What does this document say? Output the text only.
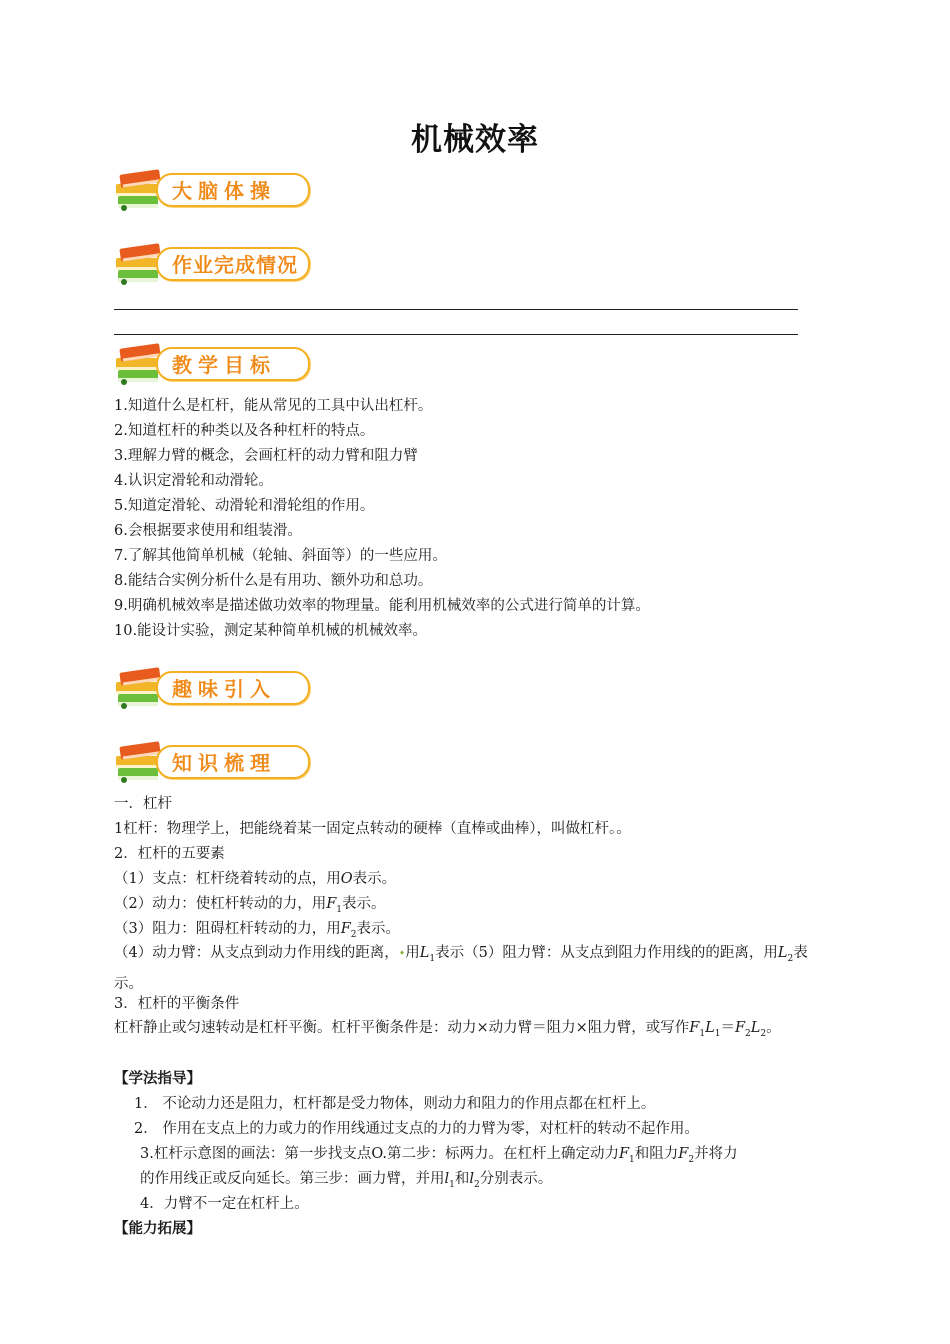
机械效率
大脑体操
作业完成情况
教学目标
1.知道什么是杠杆，能从常见的工具中认出杠杆。
2.知道杠杆的种类以及各种杠杆的特点。
3.理解力臂的概念，会画杠杆的动力臂和阻力臂
4.认识定滑轮和动滑轮。
5.知道定滑轮、动滑轮和滑轮组的作用。
6.会根据要求使用和组装滑。
7.了解其他简单机械（轮轴、斜面等）的一些应用。
8.能结合实例分析什么是有用功、额外功和总功。
9.明确机械效率是描述做功效率的物理量。能利用机械效率的公式进行简单的计算。
10.能设计实验，测定某种简单机械的机械效率。
趣味引入
知识梳理
一．杠杆
1杠杆：物理学上，把能绕着某一固定点转动的硬棒（直棒或曲棒），叫做杠杆。。
2．杠杆的五要素
（1）支点：杠杆绕着转动的点，用O表示。
（2）动力：使杠杆转动的力，用$F_1$表示。
（3）阻力：阻碍杠杆转动的力，用$F_2$表示。
（4）动力臂：从支点到动力作用线的距离，•用$L_1$表示（5）阻力臂：从支点到阻力作用线的的距离，用$L_2$表示。
3．杠杆的平衡条件
杠杆静止或匀速转动是杠杆平衡。杠杆平衡条件是：动力×动力臂＝阻力×阻力臂，或写作$F_1L_1=F_2L_2$。
【学法指导】
1． 不论动力还是阻力，杠杆都是受力物体，则动力和阻力的作用点都在杠杆上。
2． 作用在支点上的力或力的作用线通过支点的力的力臂为零，对杠杆的转动不起作用。
3.杠杆示意图的画法：第一步找支点O.第二步：标两力。在杠杆上确定动力$F_1$和阻力$F_2$并将力
的作用线正或反向延长。第三步：画力臂，并用$l_1$和$l_2$分别表示。
4．力臂不一定在杠杆上。
【能力拓展】
